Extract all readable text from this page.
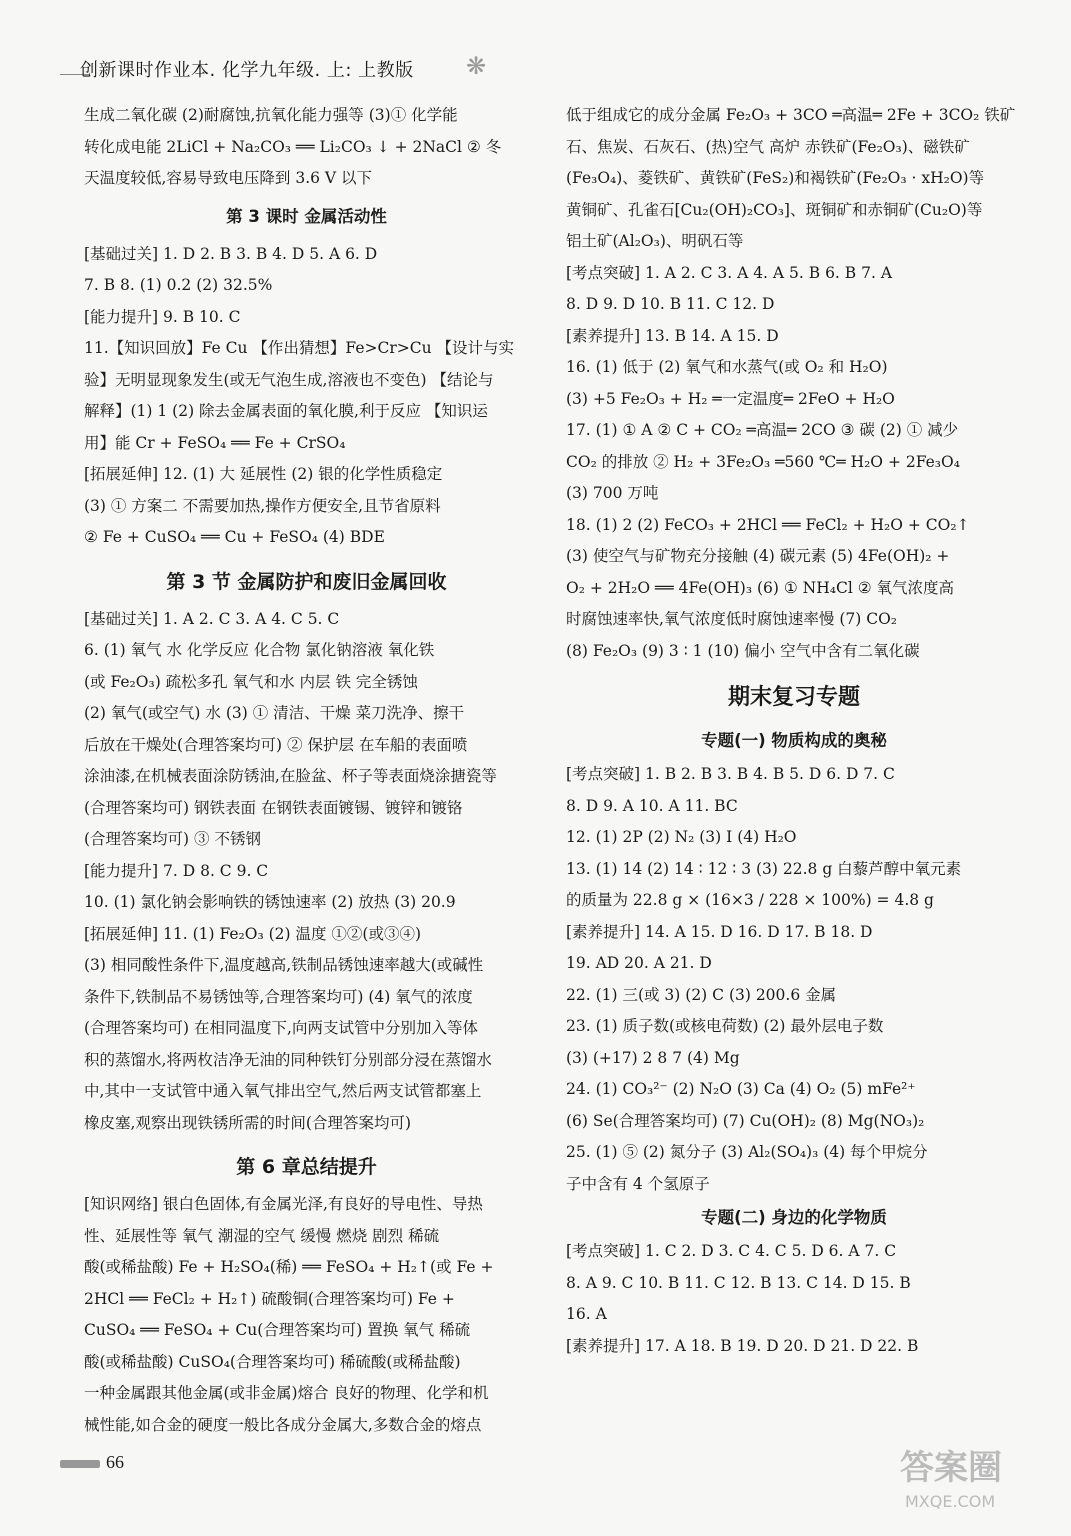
创新课时作业本. 化学九年级. 上: 上教版 ❋
生成二氧化碳 (2)耐腐蚀,抗氧化能力强等 (3)① 化学能
转化成电能 2LiCl + Na₂CO₃ ══ Li₂CO₃ ↓ + 2NaCl ② 冬
天温度较低,容易导致电压降到 3.6 V 以下
第 3 课时 金属活动性
[基础过关] 1. D 2. B 3. B 4. D 5. A 6. D
7. B 8. (1) 0.2 (2) 32.5%
[能力提升] 9. B 10. C
11.【知识回放】Fe Cu 【作出猜想】Fe>Cr>Cu 【设计与实
验】无明显现象发生(或无气泡生成,溶液也不变色) 【结论与
解释】(1) 1 (2) 除去金属表面的氧化膜,利于反应 【知识运
用】能 Cr + FeSO₄ ══ Fe + CrSO₄
[拓展延伸] 12. (1) 大 延展性 (2) 银的化学性质稳定
(3) ① 方案二 不需要加热,操作方便安全,且节省原料
② Fe + CuSO₄ ══ Cu + FeSO₄ (4) BDE
第 3 节 金属防护和废旧金属回收
[基础过关] 1. A 2. C 3. A 4. C 5. C
6. (1) 氧气 水 化学反应 化合物 氯化钠溶液 氧化铁
(或 Fe₂O₃) 疏松多孔 氧气和水 内层 铁 完全锈蚀
(2) 氧气(或空气) 水 (3) ① 清洁、干燥 菜刀洗净、擦干
后放在干燥处(合理答案均可) ② 保护层 在车船的表面喷
涂油漆,在机械表面涂防锈油,在脸盆、杯子等表面烧涂搪瓷等
(合理答案均可) 钢铁表面 在钢铁表面镀锡、镀锌和镀铬
(合理答案均可) ③ 不锈钢
[能力提升] 7. D 8. C 9. C
10. (1) 氯化钠会影响铁的锈蚀速率 (2) 放热 (3) 20.9
[拓展延伸] 11. (1) Fe₂O₃ (2) 温度 ①②(或③④)
(3) 相同酸性条件下,温度越高,铁制品锈蚀速率越大(或碱性
条件下,铁制品不易锈蚀等,合理答案均可) (4) 氧气的浓度
(合理答案均可) 在相同温度下,向两支试管中分别加入等体
积的蒸馏水,将两枚洁净无油的同种铁钉分别部分浸在蒸馏水
中,其中一支试管中通入氧气排出空气,然后两支试管都塞上
橡皮塞,观察出现铁锈所需的时间(合理答案均可)
第 6 章总结提升
[知识网络] 银白色固体,有金属光泽,有良好的导电性、导热
性、延展性等 氧气 潮湿的空气 缓慢 燃烧 剧烈 稀硫
酸(或稀盐酸) Fe + H₂SO₄(稀) ══ FeSO₄ + H₂↑(或 Fe +
2HCl ══ FeCl₂ + H₂↑) 硫酸铜(合理答案均可) Fe +
CuSO₄ ══ FeSO₄ + Cu(合理答案均可) 置换 氧气 稀硫
酸(或稀盐酸) CuSO₄(合理答案均可) 稀硫酸(或稀盐酸)
一种金属跟其他金属(或非金属)熔合 良好的物理、化学和机
械性能,如合金的硬度一般比各成分金属大,多数合金的熔点
低于组成它的成分金属 Fe₂O₃ + 3CO ═高温═ 2Fe + 3CO₂ 铁矿
石、焦炭、石灰石、(热)空气 高炉 赤铁矿(Fe₂O₃)、磁铁矿
(Fe₃O₄)、菱铁矿、黄铁矿(FeS₂)和褐铁矿(Fe₂O₃ · xH₂O)等
黄铜矿、孔雀石[Cu₂(OH)₂CO₃]、斑铜矿和赤铜矿(Cu₂O)等
铝土矿(Al₂O₃)、明矾石等
[考点突破] 1. A 2. C 3. A 4. A 5. B 6. B 7. A
8. D 9. D 10. B 11. C 12. D
[素养提升] 13. B 14. A 15. D
16. (1) 低于 (2) 氧气和水蒸气(或 O₂ 和 H₂O)
(3) +5 Fe₂O₃ + H₂ ═一定温度═ 2FeO + H₂O
17. (1) ① A ② C + CO₂ ═高温═ 2CO ③ 碳 (2) ① 减少
CO₂ 的排放 ② H₂ + 3Fe₂O₃ ═560 ℃═ H₂O + 2Fe₃O₄
(3) 700 万吨
18. (1) 2 (2) FeCO₃ + 2HCl ══ FeCl₂ + H₂O + CO₂↑
(3) 使空气与矿物充分接触 (4) 碳元素 (5) 4Fe(OH)₂ +
O₂ + 2H₂O ══ 4Fe(OH)₃ (6) ① NH₄Cl ② 氧气浓度高
时腐蚀速率快,氧气浓度低时腐蚀速率慢 (7) CO₂
(8) Fe₂O₃ (9) 3 ∶ 1 (10) 偏小 空气中含有二氧化碳
期末复习专题
专题(一) 物质构成的奥秘
[考点突破] 1. B 2. B 3. B 4. B 5. D 6. D 7. C
8. D 9. A 10. A 11. BC
12. (1) 2P (2) N₂ (3) I (4) H₂O
13. (1) 14 (2) 14 ∶ 12 ∶ 3 (3) 22.8 g 白藜芦醇中氧元素
的质量为 22.8 g × (16×3 / 228 × 100%) = 4.8 g
[素养提升] 14. A 15. D 16. D 17. B 18. D
19. AD 20. A 21. D
22. (1) 三(或 3) (2) C (3) 200.6 金属
23. (1) 质子数(或核电荷数) (2) 最外层电子数
(3) (+17) 2 8 7 (4) Mg
24. (1) CO₃²⁻ (2) N₂O (3) Ca (4) O₂ (5) mFe²⁺
(6) Se(合理答案均可) (7) Cu(OH)₂ (8) Mg(NO₃)₂
25. (1) ⑤ (2) 氮分子 (3) Al₂(SO₄)₃ (4) 每个甲烷分
子中含有 4 个氢原子
专题(二) 身边的化学物质
[考点突破] 1. C 2. D 3. C 4. C 5. D 6. A 7. C
8. A 9. C 10. B 11. C 12. B 13. C 14. D 15. B
16. A
[素养提升] 17. A 18. B 19. D 20. D 21. D 22. B
66	答案圈
MXQE.COM
